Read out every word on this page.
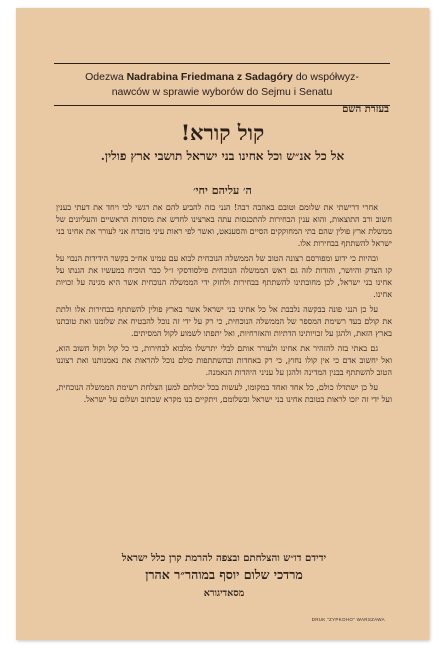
Odezwa Nadrabina Friedmana z Sadagóry do współwyz-
nawców w sprawie wyborów do Sejmu i Senatu
בעזרת השם
קול קורא!
אל כל אנ״ש וכל אחינו בני ישראל תושבי ארץ פולין.
ה׳ עליהם יחי׳

אחרי דרישתי את שלומם וטובם באהבה רבה! הנני בזה להביע להם את רגשי לבי ויחד את דעתי בענין חשוב ורב התוצאות, והוא ענין הבחירות להתכנסות עתה בארצינו לחדש את מוסדות הראשיים והעליונים של ממשלת ארץ פולין שהם בתי המחוקקים הסיים והסענאט, ואשר לפי ראות עיני מוכרח אני לעורר את אחינו בני ישראל להשתתף בבחירות אלו.

ובהיות כי ידוע ומפורסם רצונה הטוב של הממשלה הנוכחית לבוא עם עמינו אח״כ בקשר הידידות הנבוי על קו הצדק והיושר, והודות לזה גם ראש הממשלה הנוכחית פילסודסקי ז״ל כבר הוכיח במעשיו את הגנתו על אחינו בני ישראל, לכן מחובתינו להשתתף בבחירות ולחזק ידי הממשלה הנוכחית אשר היא מגינה על זכויות אחינו.

על כן הנני פונה בבקשה נלבבת אל כל אחינו בני ישראל אשר בארץ פולין להשתתף בבחירות אלו ולתת את קולם בעד רשימת המספר של הממשלה הנוכחית, כי רק על ידי זה נוכל להבטיח את שלומנו ואת טובתנו בארץ הזאת, ולהגן על זכויותינו הדתיות והאזרחיות, ואל יתפתו לשמוע לקול המסיתים.

גם באתי בזה להזהיר את אחינו ולעורר אותם לבלי יתרשלו מלבוא לבחירות, כי כל קול וקול חשוב הוא, ואל יחשוב אדם כי אין קולו נחוץ, כי רק באחדות ובהשתתפות כולם נוכל להראות את נאמנותנו ואת רצוננו הטוב להשתתף בבנין המדינה ולהגן על עניני היהדות הנאמנה.

על כן ישתדלו כולם, כל אחד ואחד במקומו, לעשות בכל יכולתם למען הצלחת רשימת הממשלה הנוכחית, ועל ידי זה יזכו לראות בטובת אחינו בני ישראל ובשלומם, ויתקיים בנו מקרא שכתוב ושלום על ישראל.

ידידם דו״ש והצלחתם ובצפה להרמת קרן כלל ישראל
מרדכי שלום יוסף במוהר״ר אהרן
מסאדיגורא
DRUK "ZYPKOHO" WARSZAWA
